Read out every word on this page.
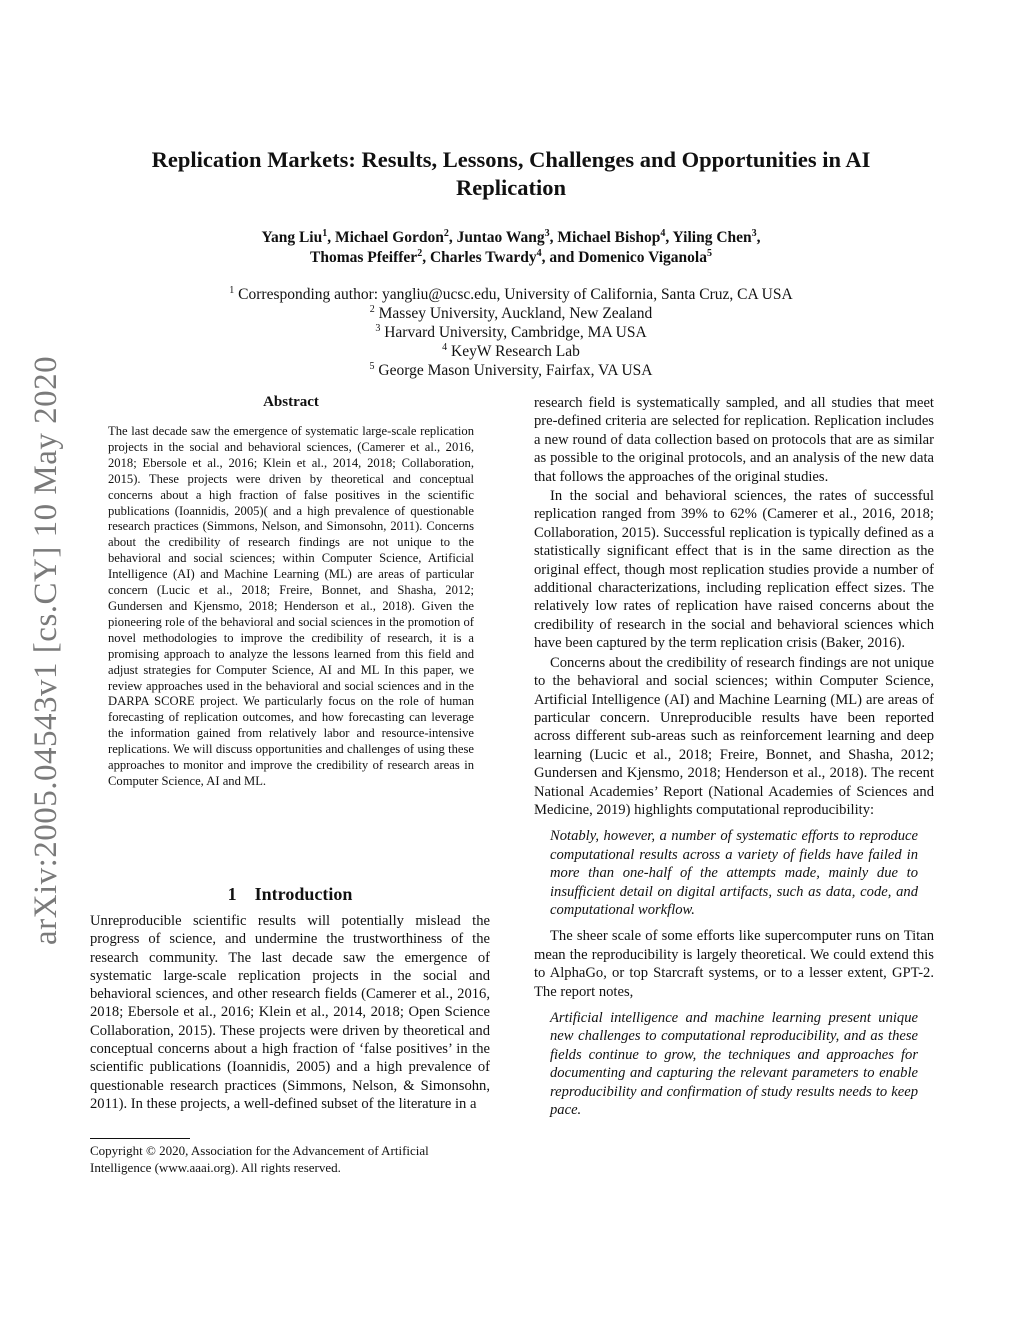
arXiv:2005.04543v1 [cs.CY] 10 May 2020
Replication Markets: Results, Lessons, Challenges and Opportunities in AI Replication
Yang Liu$^1$, Michael Gordon$^2$, Juntao Wang$^3$, Michael Bishop$^4$, Yiling Chen$^3$,
Thomas Pfeiffer$^2$, Charles Twardy$^4$, and Domenico Viganola$^5$
$^1$ Corresponding author: yangliu@ucsc.edu, University of California, Santa Cruz, CA USA
$^2$ Massey University, Auckland, New Zealand
$^3$ Harvard University, Cambridge, MA USA
$^4$ KeyW Research Lab
$^5$ George Mason University, Fairfax, VA USA
Abstract

The last decade saw the emergence of systematic large-scale replication projects in the social and behavioral sciences, (Camerer et al., 2016, 2018; Ebersole et al., 2016; Klein et al., 2014, 2018; Collaboration, 2015). These projects were driven by theoretical and conceptual concerns about a high fraction of false positives in the scientific publications (Ioannidis, 2005)( and a high prevalence of questionable research practices (Simmons, Nelson, and Simonsohn, 2011). Concerns about the credibility of research findings are not unique to the behavioral and social sciences; within Computer Science, Artificial Intelligence (AI) and Machine Learning (ML) are areas of particular concern (Lucic et al., 2018; Freire, Bonnet, and Shasha, 2012; Gundersen and Kjensmo, 2018; Henderson et al., 2018). Given the pioneering role of the behavioral and social sciences in the promotion of novel methodologies to improve the credibility of research, it is a promising approach to analyze the lessons learned from this field and adjust strategies for Computer Science, AI and ML In this paper, we review approaches used in the behavioral and social sciences and in the DARPA SCORE project. We particularly focus on the role of human forecasting of replication outcomes, and how forecasting can leverage the information gained from relatively labor and resource-intensive replications. We will discuss opportunities and challenges of using these approaches to monitor and improve the credibility of research areas in Computer Science, AI and ML.

1 Introduction

Unreproducible scientific results will potentially mislead the progress of science, and undermine the trustworthiness of the research community. The last decade saw the emergence of systematic large-scale replication projects in the social and behavioral sciences, and other research fields (Camerer et al., 2016, 2018; Ebersole et al., 2016; Klein et al., 2014, 2018; Open Science Collaboration, 2015). These projects were driven by theoretical and conceptual concerns about a high fraction of ‘false positives’ in the scientific publications (Ioannidis, 2005) and a high prevalence of questionable research practices (Simmons, Nelson, & Simonsohn, 2011). In these projects, a well-defined subset of the literature in a

Copyright © 2020, Association for the Advancement of Artificial Intelligence (www.aaai.org). All rights reserved.

research field is systematically sampled, and all studies that meet pre-defined criteria are selected for replication. Replication includes a new round of data collection based on protocols that are as similar as possible to the original protocols, and an analysis of the new data that follows the approaches of the original studies.

In the social and behavioral sciences, the rates of successful replication ranged from 39% to 62% (Camerer et al., 2016, 2018; Collaboration, 2015). Successful replication is typically defined as a statistically significant effect that is in the same direction as the original effect, though most replication studies provide a number of additional characterizations, including replication effect sizes. The relatively low rates of replication have raised concerns about the credibility of research in the social and behavioral sciences which have been captured by the term replication crisis (Baker, 2016).

Concerns about the credibility of research findings are not unique to the behavioral and social sciences; within Computer Science, Artificial Intelligence (AI) and Machine Learning (ML) are areas of particular concern. Unreproducible results have been reported across different sub-areas such as reinforcement learning and deep learning (Lucic et al., 2018; Freire, Bonnet, and Shasha, 2012; Gundersen and Kjensmo, 2018; Henderson et al., 2018). The recent National Academies’ Report (National Academies of Sciences and Medicine, 2019) highlights computational reproducibility:

Notably, however, a number of systematic efforts to reproduce computational results across a variety of fields have failed in more than one-half of the attempts made, mainly due to insufficient detail on digital artifacts, such as data, code, and computational workflow.

The sheer scale of some efforts like supercomputer runs on Titan mean the reproducibility is largely theoretical. We could extend this to AlphaGo, or top Starcraft systems, or to a lesser extent, GPT-2. The report notes,

Artificial intelligence and machine learning present unique new challenges to computational reproducibility, and as these fields continue to grow, the techniques and approaches for documenting and capturing the relevant parameters to enable reproducibility and confirmation of study results needs to keep pace.
